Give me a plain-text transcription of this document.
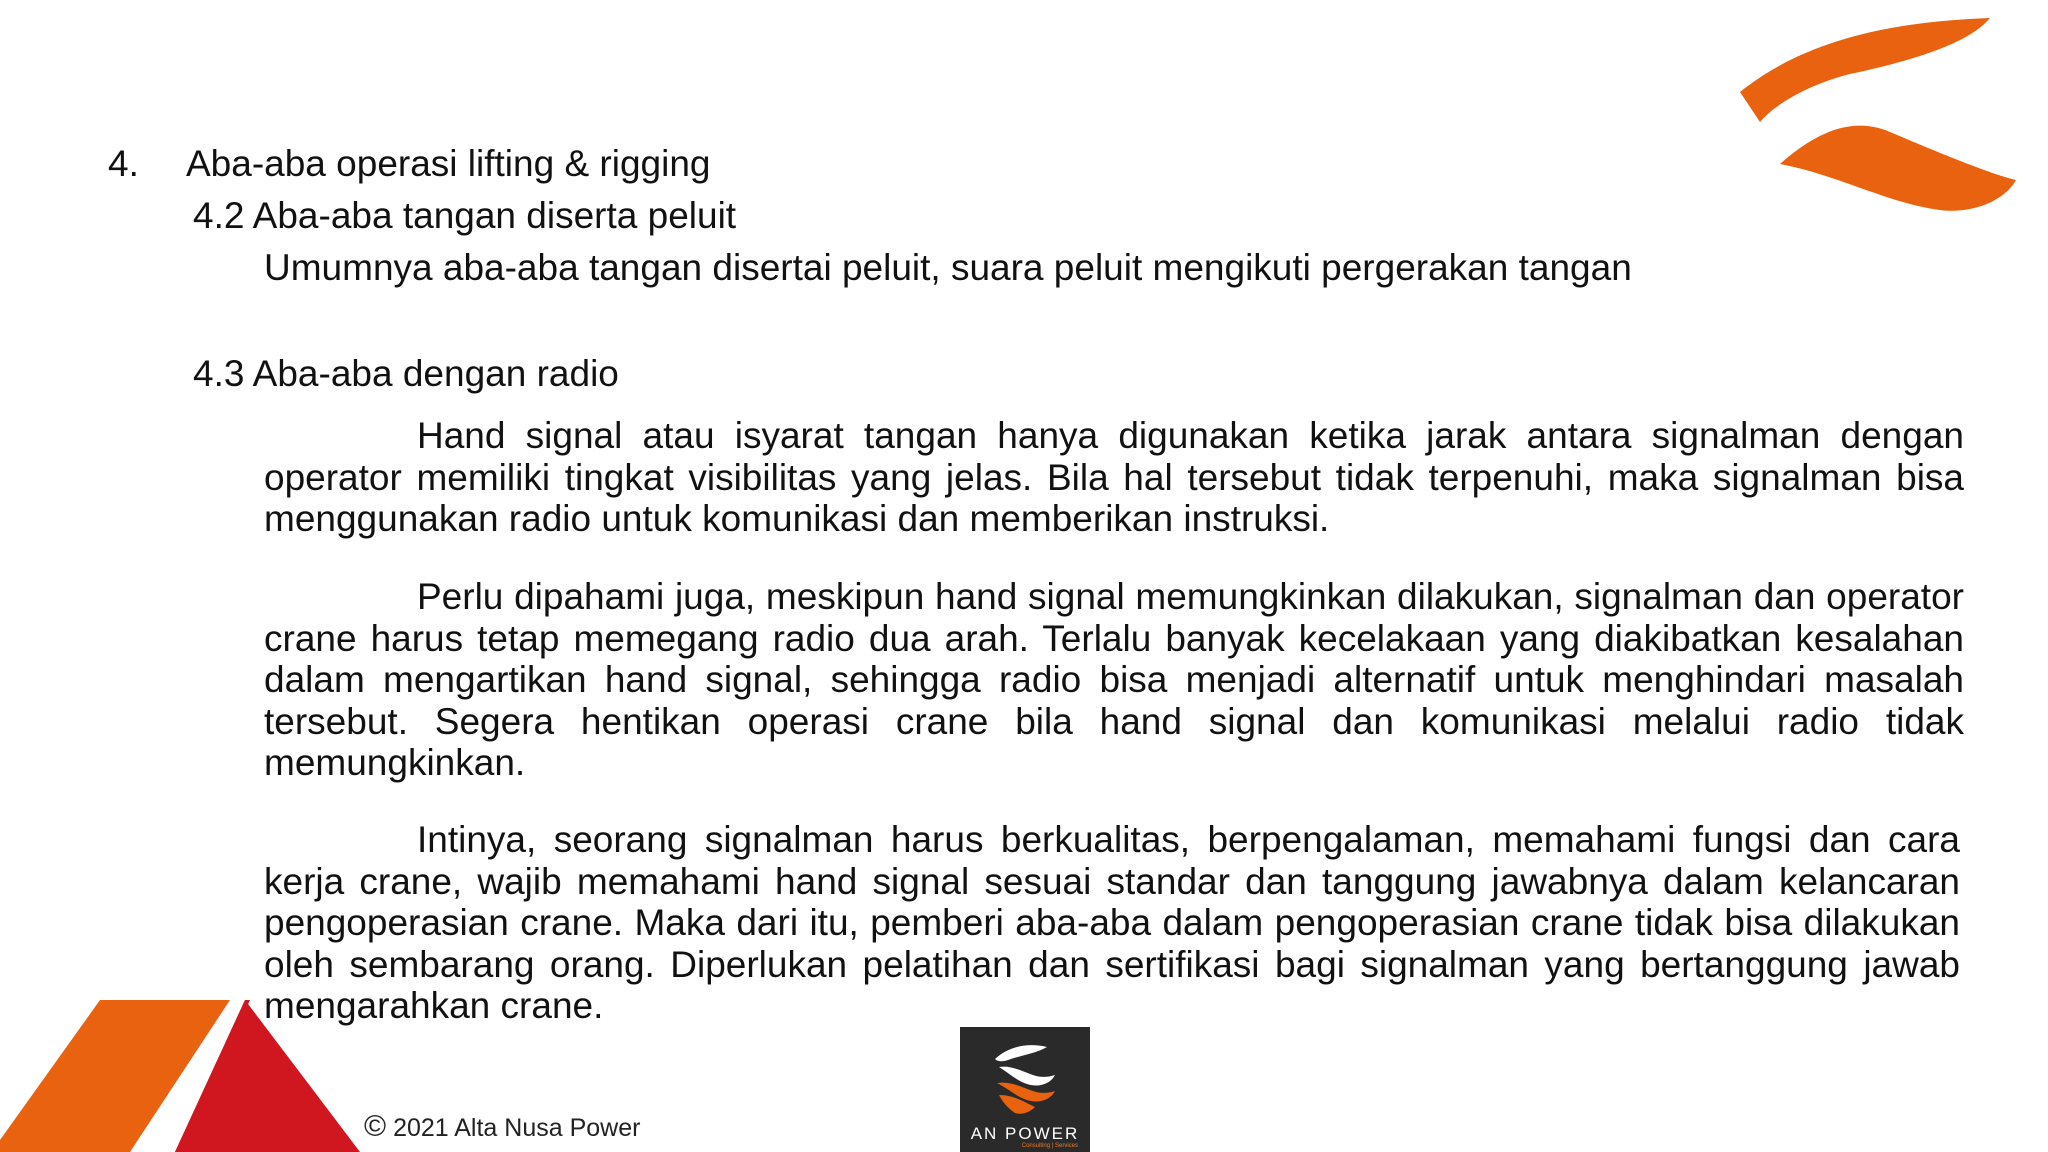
4. Aba-aba operasi lifting & rigging
4.2 Aba-aba tangan diserta peluit
Umumnya aba-aba tangan disertai peluit, suara peluit mengikuti pergerakan tangan
4.3 Aba-aba dengan radio

Hand signal atau isyarat tangan hanya digunakan ketika jarak antara signalman dengan operator memiliki tingkat visibilitas yang jelas. Bila hal tersebut tidak terpenuhi, maka signalman bisa menggunakan radio untuk komunikasi dan memberikan instruksi.

Perlu dipahami juga, meskipun hand signal memungkinkan dilakukan, signalman dan operator crane harus tetap memegang radio dua arah. Terlalu banyak kecelakaan yang diakibatkan kesalahan dalam mengartikan hand signal, sehingga radio bisa menjadi alternatif untuk menghindari masalah tersebut. Segera hentikan operasi crane bila hand signal dan komunikasi melalui radio tidak memungkinkan.

Intinya, seorang signalman harus berkualitas, berpengalaman, memahami fungsi dan cara kerja crane, wajib memahami hand signal sesuai standar dan tanggung jawabnya dalam kelancaran pengoperasian crane. Maka dari itu, pemberi aba-aba dalam pengoperasian crane tidak bisa dilakukan oleh sembarang orang. Diperlukan pelatihan dan sertifikasi bagi signalman yang bertanggung jawab mengarahkan crane.

© 2021 Alta Nusa Power	AN POWER
Consulting | Services
